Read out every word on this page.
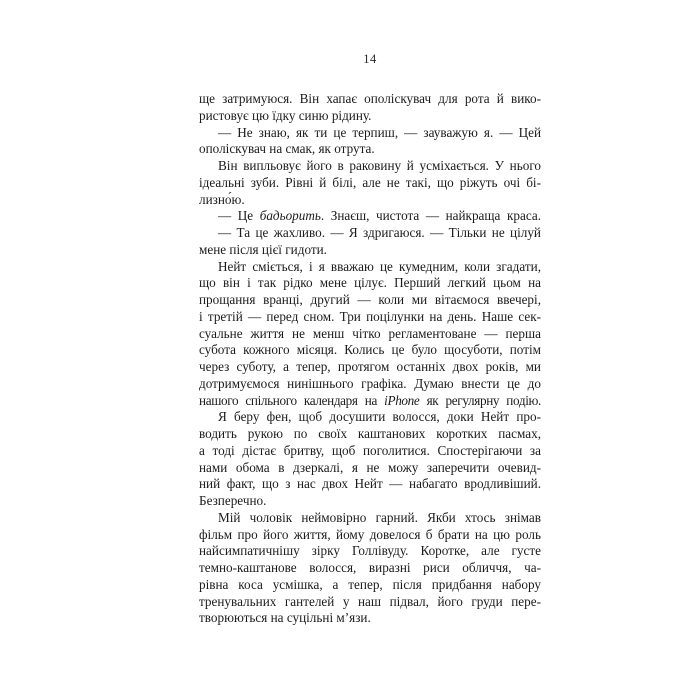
14
ще затримуюся. Він хапає ополіскувач для рота й вико-
ристовує цю їдку синю рідину.
— Не знаю, як ти це терпиш, — зауважую я. — Цей
ополіскувач на смак, як отрута.
Він випльовує його в раковину й усміхається. У нього
ідеальні зуби. Рівні й білі, але не такі, що ріжуть очі бі-
лизно́ю.
— Це бадьорить. Знаєш, чистота — найкраща краса.
— Та це жахливо. — Я здригаюся. — Тільки не цілуй
мене після цієї гидоти.
Нейт сміється, і я вважаю це кумедним, коли згадати,
що він і так рідко мене цілує. Перший легкий цьом на
прощання вранці, другий — коли ми вітаємося ввечері,
і третій — перед сном. Три поцілунки на день. Наше сек-
суальне життя не менш чітко регламентоване — перша
субота кожного місяця. Колись це було щосуботи, потім
через суботу, а тепер, протягом останніх двох років, ми
дотримуємося нинішнього графіка. Думаю внести це до
нашого спільного календаря на iPhone як регулярну подію.
Я беру фен, щоб досушити волосся, доки Нейт про-
водить рукою по своїх каштанових коротких пасмах,
а тоді дістає бритву, щоб поголитися. Спостерігаючи за
нами обома в дзеркалі, я не можу заперечити очевид-
ний факт, що з нас двох Нейт — набагато вродливіший.
Безперечно.
Мій чоловік неймовірно гарний. Якби хтось знімав
фільм про його життя, йому довелося б брати на цю роль
найсимпатичнішу зірку Голлівуду. Коротке, але густе
темно-каштанове волосся, виразні риси обличчя, ча-
рівна коса усмішка, а тепер, після придбання набору
тренувальних гантелей у наш підвал, його груди пере-
творюються на суцільні м’язи.
